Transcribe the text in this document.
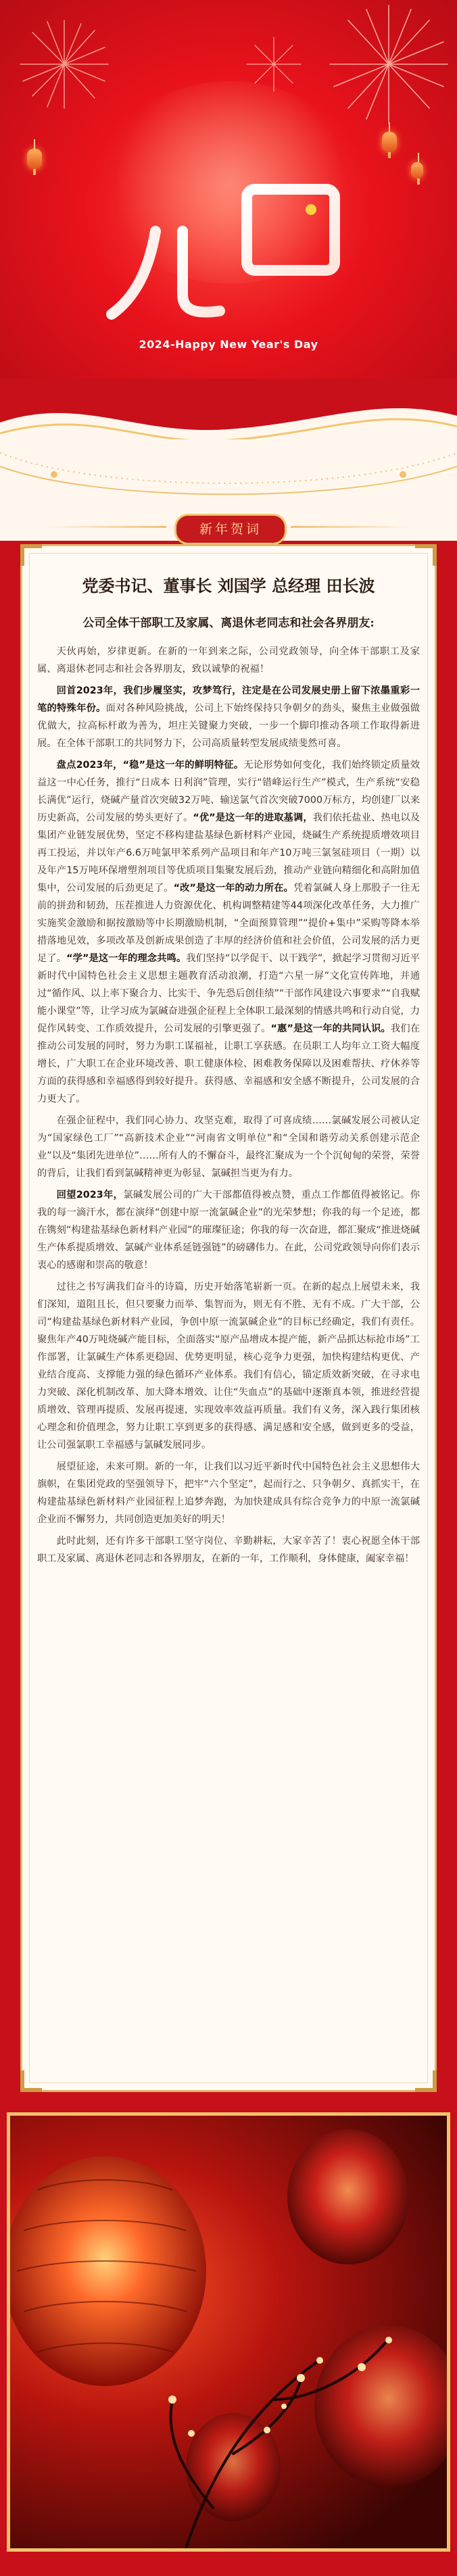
2024-Happy New Year's Day
新年贺词
党委书记、董事长 刘国学 总经理 田长波
公司全体干部职工及家属、离退休老同志和社会各界朋友:

天伙再始，岁律更新。在新的一年到来之际，公司党政领导，向全体干部职工及家属、离退休老同志和社会各界朋友，致以诚挚的祝福！

回首2023年，我们步履坚实，攻梦笃行，注定是在公司发展史册上留下浓墨重彩一笔的特殊年份。面对各种风险挑战，公司上下始终保持只争朝夕的劲头，聚焦主业做强做优做大，拉高标杆敢为善为，坦庄关键聚力突破，一步一个脚印推动各项工作取得新进展。在全体干部职工的共同努力下，公司高质量转型发展成绩斐然可喜。

盘点2023年，“稳”是这一年的鲜明特征。无论形势如何变化，我们始终锁定质量效益这一中心任务，推行“日成本 日利润”管理，实行“错峰运行生产”模式，生产系统“安稳长满优”运行，烧碱产量首次突破32万吨、输送氯气首次突破7000万标方，均创建厂以来历史新高，公司发展的势头更好了。“优”是这一年的进取基调，我们依托盐业、热电以及集团产业链发展优势，坚定不移构建盐基绿色新材料产业园，烧碱生产系统提质增效项目再工投运，并以年产6.6万吨氯甲苯系列产品项目和年产10万吨三氯氢硅项目（一期）以及年产15万吨环保增塑剂项目等优质项目集聚发展后劲，推动产业链向精细化和高附加值集中，公司发展的后劲更足了。“改”是这一年的动力所在。凭着氯碱人身上那股子一往无前的拼劲和韧劲，压茬推进人力资源优化、机构调整精建等44项深化改革任务，大力推广实施奖金激励和据按激励等中长期激励机制，“全面预算管理”“提价+集中”采购等降本举措落地见效，多项改革及创新成果创造了丰厚的经济价值和社会价值，公司发展的活力更足了。“学”是这一年的理念共鸣。我们坚持“以学促干、以干践学”，掀起学习贯彻习近平新时代中国特色社会主义思想主题教育活动浪潮，打造“六星一屏”文化宣传阵地，并通过“循作风、以上率下聚合力、比实干、争先恐后创佳绩”“干部作风建设六事要求”“自我赋能小课堂”等，让学习成为氯碱奋进强企征程上全体职工最深刻的情感共鸣和行动自觉，力促作风转变、工作质效提升，公司发展的引擎更强了。“惠”是这一年的共同认识。我们在推动公司发展的同时，努力为职工谋福祉，让职工享获感。在员职工人均年立工资大幅度增长，广大职工在企业环境改善、职工健康体检、困难教务保障以及困难帮扶、疗休养等方面的获得感和幸福感得到较好提升。获得感、幸福感和安全感不断提升，公司发展的合力更大了。

在强企征程中，我们同心协力、攻坚克难，取得了可喜成绩……氯碱发展公司被认定为“国家绿色工厂”“高新技术企业”“河南省文明单位”和“全国和谐劳动关系创建示范企业”以及“集团先进单位”……所有人的不懈奋斗，最终汇聚成为一个个沉甸甸的荣誉，荣誉的背后，让我们看到氯碱精神更为彰显、氯碱担当更为有力。

回望2023年，氯碱发展公司的广大干部都值得被点赞，重点工作都值得被铭记。你我的每一滴汗水，都在演绎“创建中原一流氯碱企业”的光荣梦想；你我的每一个足迹，都在镌刻“构建盐基绿色新材料产业园”的璀璨征途；你我的每一次奋进，都汇聚成“推进烧碱生产体系提质增效、氯碱产业体系延链强链”的磅礴伟力。在此，公司党政领导向你们表示衷心的感谢和崇高的敬意！

过往之书写满我们奋斗的诗篇，历史开始落笔崭新一页。在新的起点上展望未来，我们深知，道阻且长，但只要聚力而举、集智而为，则无有不胜、无有不成。广大干部，公司“构建盐基绿色新材料产业园，争创中原一流氯碱企业”的目标已经确定，我们有责任。聚焦年产40万吨烧碱产能目标，全面落实“原产品增成本提产能，新产品抓达标抢市场”工作部署，让氯碱生产体系更稳固、优势更明显，核心竞争力更强，加快构建结构更优、产业结合度高、支撑能力强的绿色循环产业体系。我们有信心，锚定质效新突破，在寻求电力突破、深化机制改革、加大降本增效、让住“失血点”的基础中逐渐真本领，推进经营提质增效、管理再提质、发展再提速，实现效率效益再质量。我们有义务，深入践行集团核心理念和价值理念，努力让职工享到更多的获得感、满足感和安全感，做到更多的受益，让公司强氯职工幸福感与氯碱发展同步。

展望征途，未来可期。新的一年，让我们以习近平新时代中国特色社会主义思想伟大旗帜，在集团党政的坚强领导下，把牢“六个坚定”，起而行之、只争朝夕、真抓实干，在构建盐基绿色新材料产业园征程上追梦奔跑，为加快建成具有综合竞争力的中原一流氯碱企业而不懈努力，共同创造更加美好的明天！

此时此刻，还有许多干部职工坚守岗位、辛勤耕耘，大家辛苦了！衷心祝愿全体干部职工及家属、离退休老同志和各界朋友，在新的一年，工作顺利，身体健康，阖家幸福！
